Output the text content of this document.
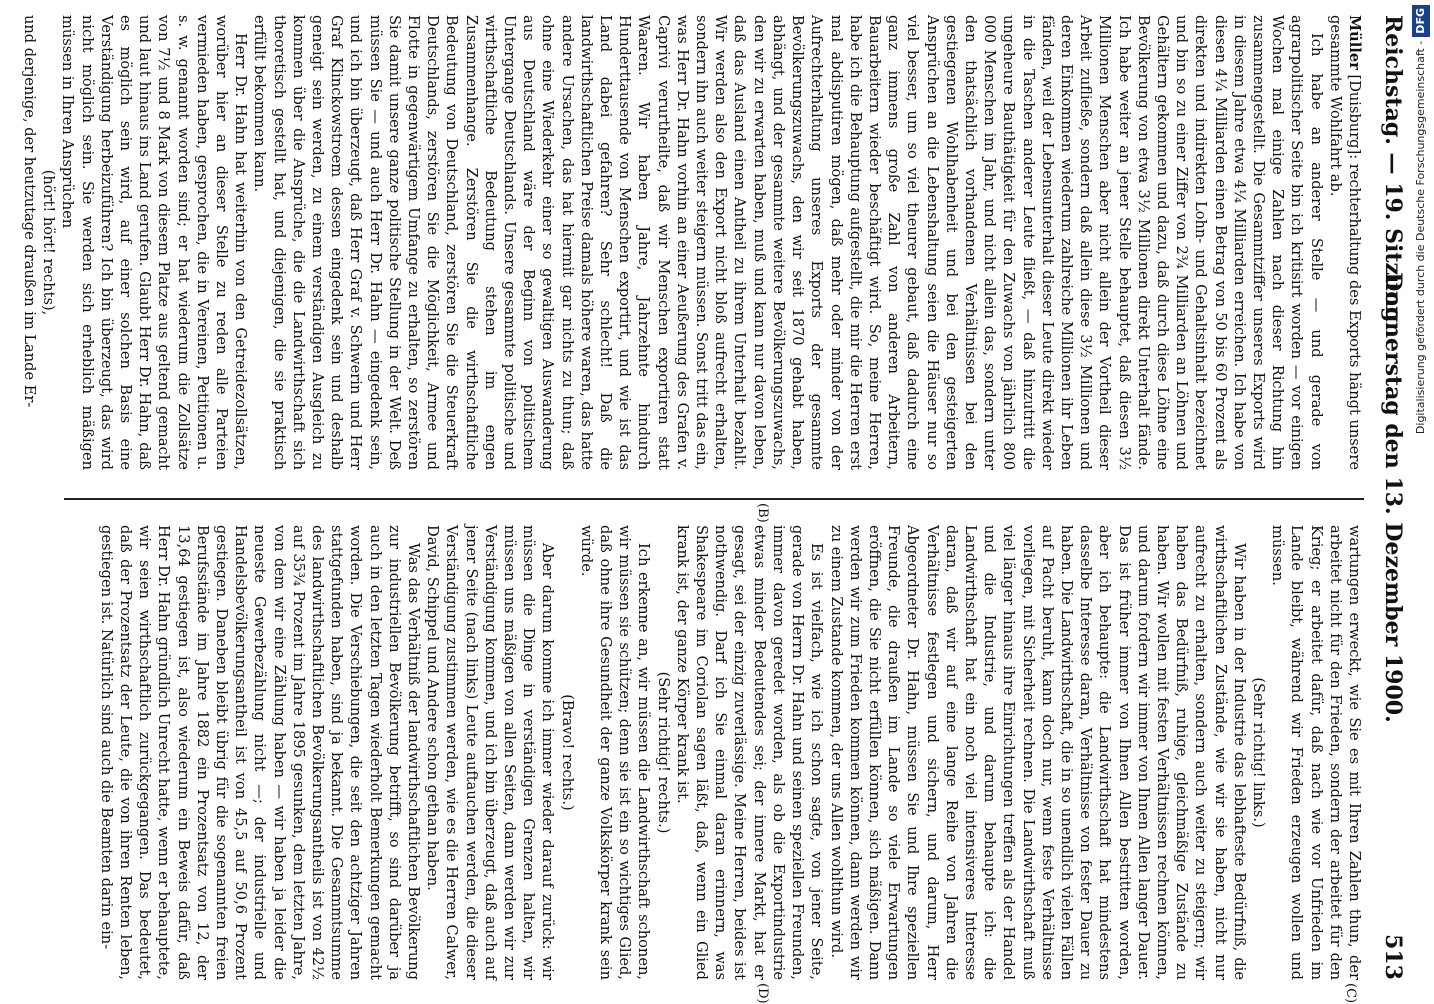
Reichstag. — 19. Sitzung.
Donnerstag den 13. Dezember 1900.
513
(B)
(C)
(D)

Müller [Duisburg]: rechterhaltung des Exports hängt unsere gesammte Wohlfahrt ab.

Ich habe an anderer Stelle — und gerade von agrarpolitischer Seite bin ich kritisirt worden — vor einigen Wochen mal einige Zahlen nach dieser Richtung hin zusammengestellt. Die Gesammtziffer unseres Exports wird in diesem Jahre etwa 4¼ Milliarden erreichen. Ich habe von diesen 4¼ Milliarden einen Betrag von 50 bis 60 Prozent als direkten und indirekten Lohn- und Gehaltsinhalt bezeichnet und bin so zu einer Ziffer von 2¾ Milliarden an Löhnen und Gehältern gekommen und dazu, daß durch diese Löhne eine Bevölkerung von etwa 3½ Millionen direkt Unterhalt fände. Ich habe weiter an jener Stelle behauptet, daß diesen 3½ Millionen Menschen aber nicht allein der Vortheil dieser Arbeit zufließe, sondern daß allein diese 3½ Millionen und deren Einkommen wiederum zahlreiche Millionen ihr Leben fänden, weil der Lebensunterhalt dieser Leute direkt wieder in die Taschen anderer Leute fließt, — daß hinzutritt die ungeheure Bauthätigkeit für den Zuwachs von jährlich 800 000 Menschen im Jahr, und nicht allein das, sondern unter den thatsächlich vorhandenen Verhältnissen bei den gestiegenen Wohlhabenheit und bei den gesteigerten Ansprüchen an die Lebenshaltung seien die Häuser nur so viel besser, um so viel theurer gebaut, daß dadurch eine ganz immens große Zahl von anderen Arbeitern, Bauarbeitern wieder beschäftigt wird. So, meine Herren, habe ich die Behauptung aufgestellt, die mir die Herren erst mal abdisputiren mögen, daß mehr oder minder von der Aufrechterhaltung unseres Exports der gesammte Bevölkerungszuwachs, den wir seit 1870 gehabt haben, abhängt, und der gesammte weitere Bevölkerungszuwachs, den wir zu erwarten haben, muß und kann nur davon leben, daß das Ausland einen Antheil zu ihrem Unterhalt bezahlt. Wir werden also den Export nicht bloß aufrecht erhalten, sondern ihn auch weiter steigern müssen. Sonst tritt das ein, was Herr Dr. Hahn vorhin an einer Aeußerung des Grafen v. Caprivi verurtheilte, daß wir Menschen exportiren statt Waaren. Wir haben Jahre, Jahrzehnte hindurch Hunderttausende von Menschen exportirt, und wie ist das Land dabei gefahren? Sehr schlecht! Daß die landwirthschaftlichen Preise damals höhere waren, das hatte andere Ursachen, das hat hiermit gar nichts zu thun; daß ohne eine Wiederkehr einer so gewaltigen Auswanderung aus Deutschland wäre der Beginn von politischem Untergange Deutschlands. Unsere gesammte politische und wirthschaftliche Bedeutung stehen im engen Zusammenhange. Zerstören Sie die wirthschaftliche Bedeutung von Deutschland, zerstören Sie die Steuerkraft Deutschlands, zerstören Sie die Möglichkeit, Armee und Flotte in gegenwärtigem Umfange zu erhalten, so zerstören Sie damit unsere ganze politische Stellung in der Welt. Deß müssen Sie — und auch Herr Dr. Hahn — eingedenk sein, und ich bin überzeugt, daß Herr Graf v. Schwerin und Herr Graf Klinckowstroem dessen eingedenk sein und deshalb geneigt sein werden, zu einem verständigen Ausgleich zu kommen über die Ansprüche, die die Landwirthschaft sich theoretisch gestellt hat, und diejenigen, die sie praktisch erfüllt bekommen kann.

Herr Dr. Hahn hat weiterhin von den Getreidezollsätzen, worüber hier an dieser Stelle zu reden alle Parteien vermieden haben, gesprochen, die in Vereinen, Petitionen u. s. w. genannt worden sind; er hat wiederum die Zollsätze von 7½ und 8 Mark von diesem Platze aus geltend gemacht und laut hinaus ins Land gerufen. Glaubt Herr Dr. Hahn, daß es möglich sein wird, auf einer solchen Basis eine Verständigung herbeizuführen? Ich bin überzeugt, das wird nicht möglich sein. Sie werden sich erheblich mäßigen müssen in Ihren Ansprüchen

(hört! hört! rechts),

und derjenige, der heutzutage draußen im Lande Er-

wartungen erweckt, wie Sie es mit Ihren Zahlen thun, der arbeitet nicht für den Frieden, sondern der arbeitet für den Krieg; er arbeitet dafür, daß nach wie vor Unfrieden im Lande bleibt, während wir Frieden erzeugen wollen und müssen.

(Sehr richtig! links.)

Wir haben in der Industrie das lebhafteste Bedürfniß, die wirthschaftlichen Zustände, wie wir sie haben, nicht nur aufrecht zu erhalten, sondern auch weiter zu steigern; wir haben das Bedürfniß, ruhige, gleichmäßige Zustände zu haben. Wir wollen mit festen Verhältnissen rechnen können, und darum fordern wir immer von Ihnen Allen langer Dauer. Das ist früher immer von Ihnen Allen bestritten worden, aber ich behaupte: die Landwirthschaft hat mindestens dasselbe Interesse daran, Verhältnisse von fester Dauer zu haben. Die Landwirthschaft, die in so unendlich vielen Fällen auf Pacht beruht, kann doch nur, wenn feste Verhältnisse vorliegen, mit Sicherheit rechnen. Die Landwirthschaft muß viel länger hinaus ihre Einrichtungen treffen als der Handel und die Industrie, und darum behaupte ich: die Landwirthschaft hat ein noch viel intensiveres Interesse daran, daß wir auf eine lange Reihe von Jahren die Verhältnisse festlegen und sichern, und darum, Herr Abgeordneter Dr. Hahn, müssen Sie und Ihre speziellen Freunde, die draußen im Lande so viele Erwartungen eröffnen, die Sie nicht erfüllen können, sich mäßigen. Dann werden wir zum Frieden kommen können, dann werden wir zu einem Zustande kommen, der uns Allen wohlthun wird.

Es ist vielfach, wie ich schon sagte, von jener Seite, gerade von Herrn Dr. Hahn und seinen speziellen Freunden, immer davon geredet worden, als ob die Exportindustrie etwas minder Bedeutendes sei; der innere Markt, hat er gesagt, sei der einzig zuverlässige. Meine Herren, beides ist nothwendig. Darf ich Sie einmal daran erinnern, was Shakespeare im Coriolan sagen läßt, daß, wenn ein Glied krank ist, der ganze Körper krank ist.

(Sehr richtig! rechts.)

Ich erkenne an, wir müssen die Landwirthschaft schonen, wir müssen sie schützen; denn sie ist ein so wichtiges Glied, daß ohne ihre Gesundheit der ganze Volkskörper krank sein würde.

(Bravo! rechts.)

Aber darum komme ich immer wieder darauf zurück: wir müssen die Dinge in verständigen Grenzen halten, wir müssen uns mäßigen von allen Seiten, dann werden wir zur Verständigung kommen, und ich bin überzeugt, daß auch auf jener Seite (nach links) Leute auftauchen werden, die dieser Verständigung zustimmen werden, wie es die Herren Calwer, David, Schippel und Andere schon gethan haben.

Was das Verhältniß der landwirthschaftlichen Bevölkerung zur industriellen Bevölkerung betrifft, so sind darüber ja auch in den letzten Tagen wiederholt Bemerkungen gemacht worden. Die Verschiebungen, die seit den achtziger Jahren stattgefunden haben, sind ja bekannt. Die Gesammtsumme des landwirthschaftlichen Bevölkerungsantheils ist von 42½ auf 35¾ Prozent im Jahre 1895 gesunken, dem letzten Jahre, von dem wir eine Zählung haben — wir haben ja leider die neueste Gewerbezählung nicht —; der industrielle und Handelsbevölkerungsantheil ist von 45,5 auf 50,6 Prozent gestiegen. Daneben bleibt übrig für die sogenannten freien Berufsstände im Jahre 1882 ein Prozentsatz von 12, der 13,64 gestiegen ist, also wiederum ein Beweis dafür, daß Herr Dr. Hahn gründlich Unrecht hatte, wenn er behauptete, wir seien wirthschaftlich zurückgegangen. Das bedeutet, daß der Prozentsatz der Leute, die von ihren Renten leben, gestiegen ist. Natürlich sind auch die Beamten darin ein-

Digitalisierung gefördert durch die Deutsche Forschungsgemeinschaft -DFG
